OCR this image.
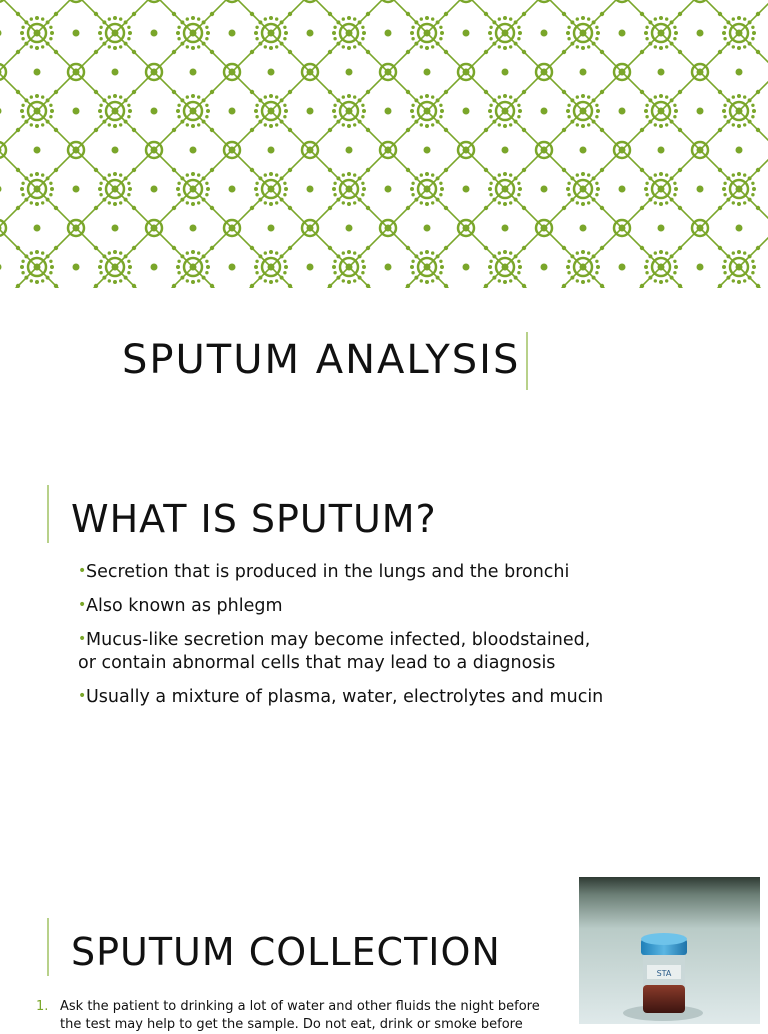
SPUTUM ANALYSIS
WHAT IS SPUTUM?
•Secretion that is produced in the lungs and the bronchi
•Also known as phlegm
•Mucus-like secretion may become infected, bloodstained, or contain abnormal cells that may lead to a diagnosis
•Usually a mixture of plasma, water, electrolytes and mucin
STA
SPUTUM COLLECTION
1. Ask the patient to drinking a lot of water and other fluids the night before the test may help to get the sample. Do not eat, drink or smoke before
